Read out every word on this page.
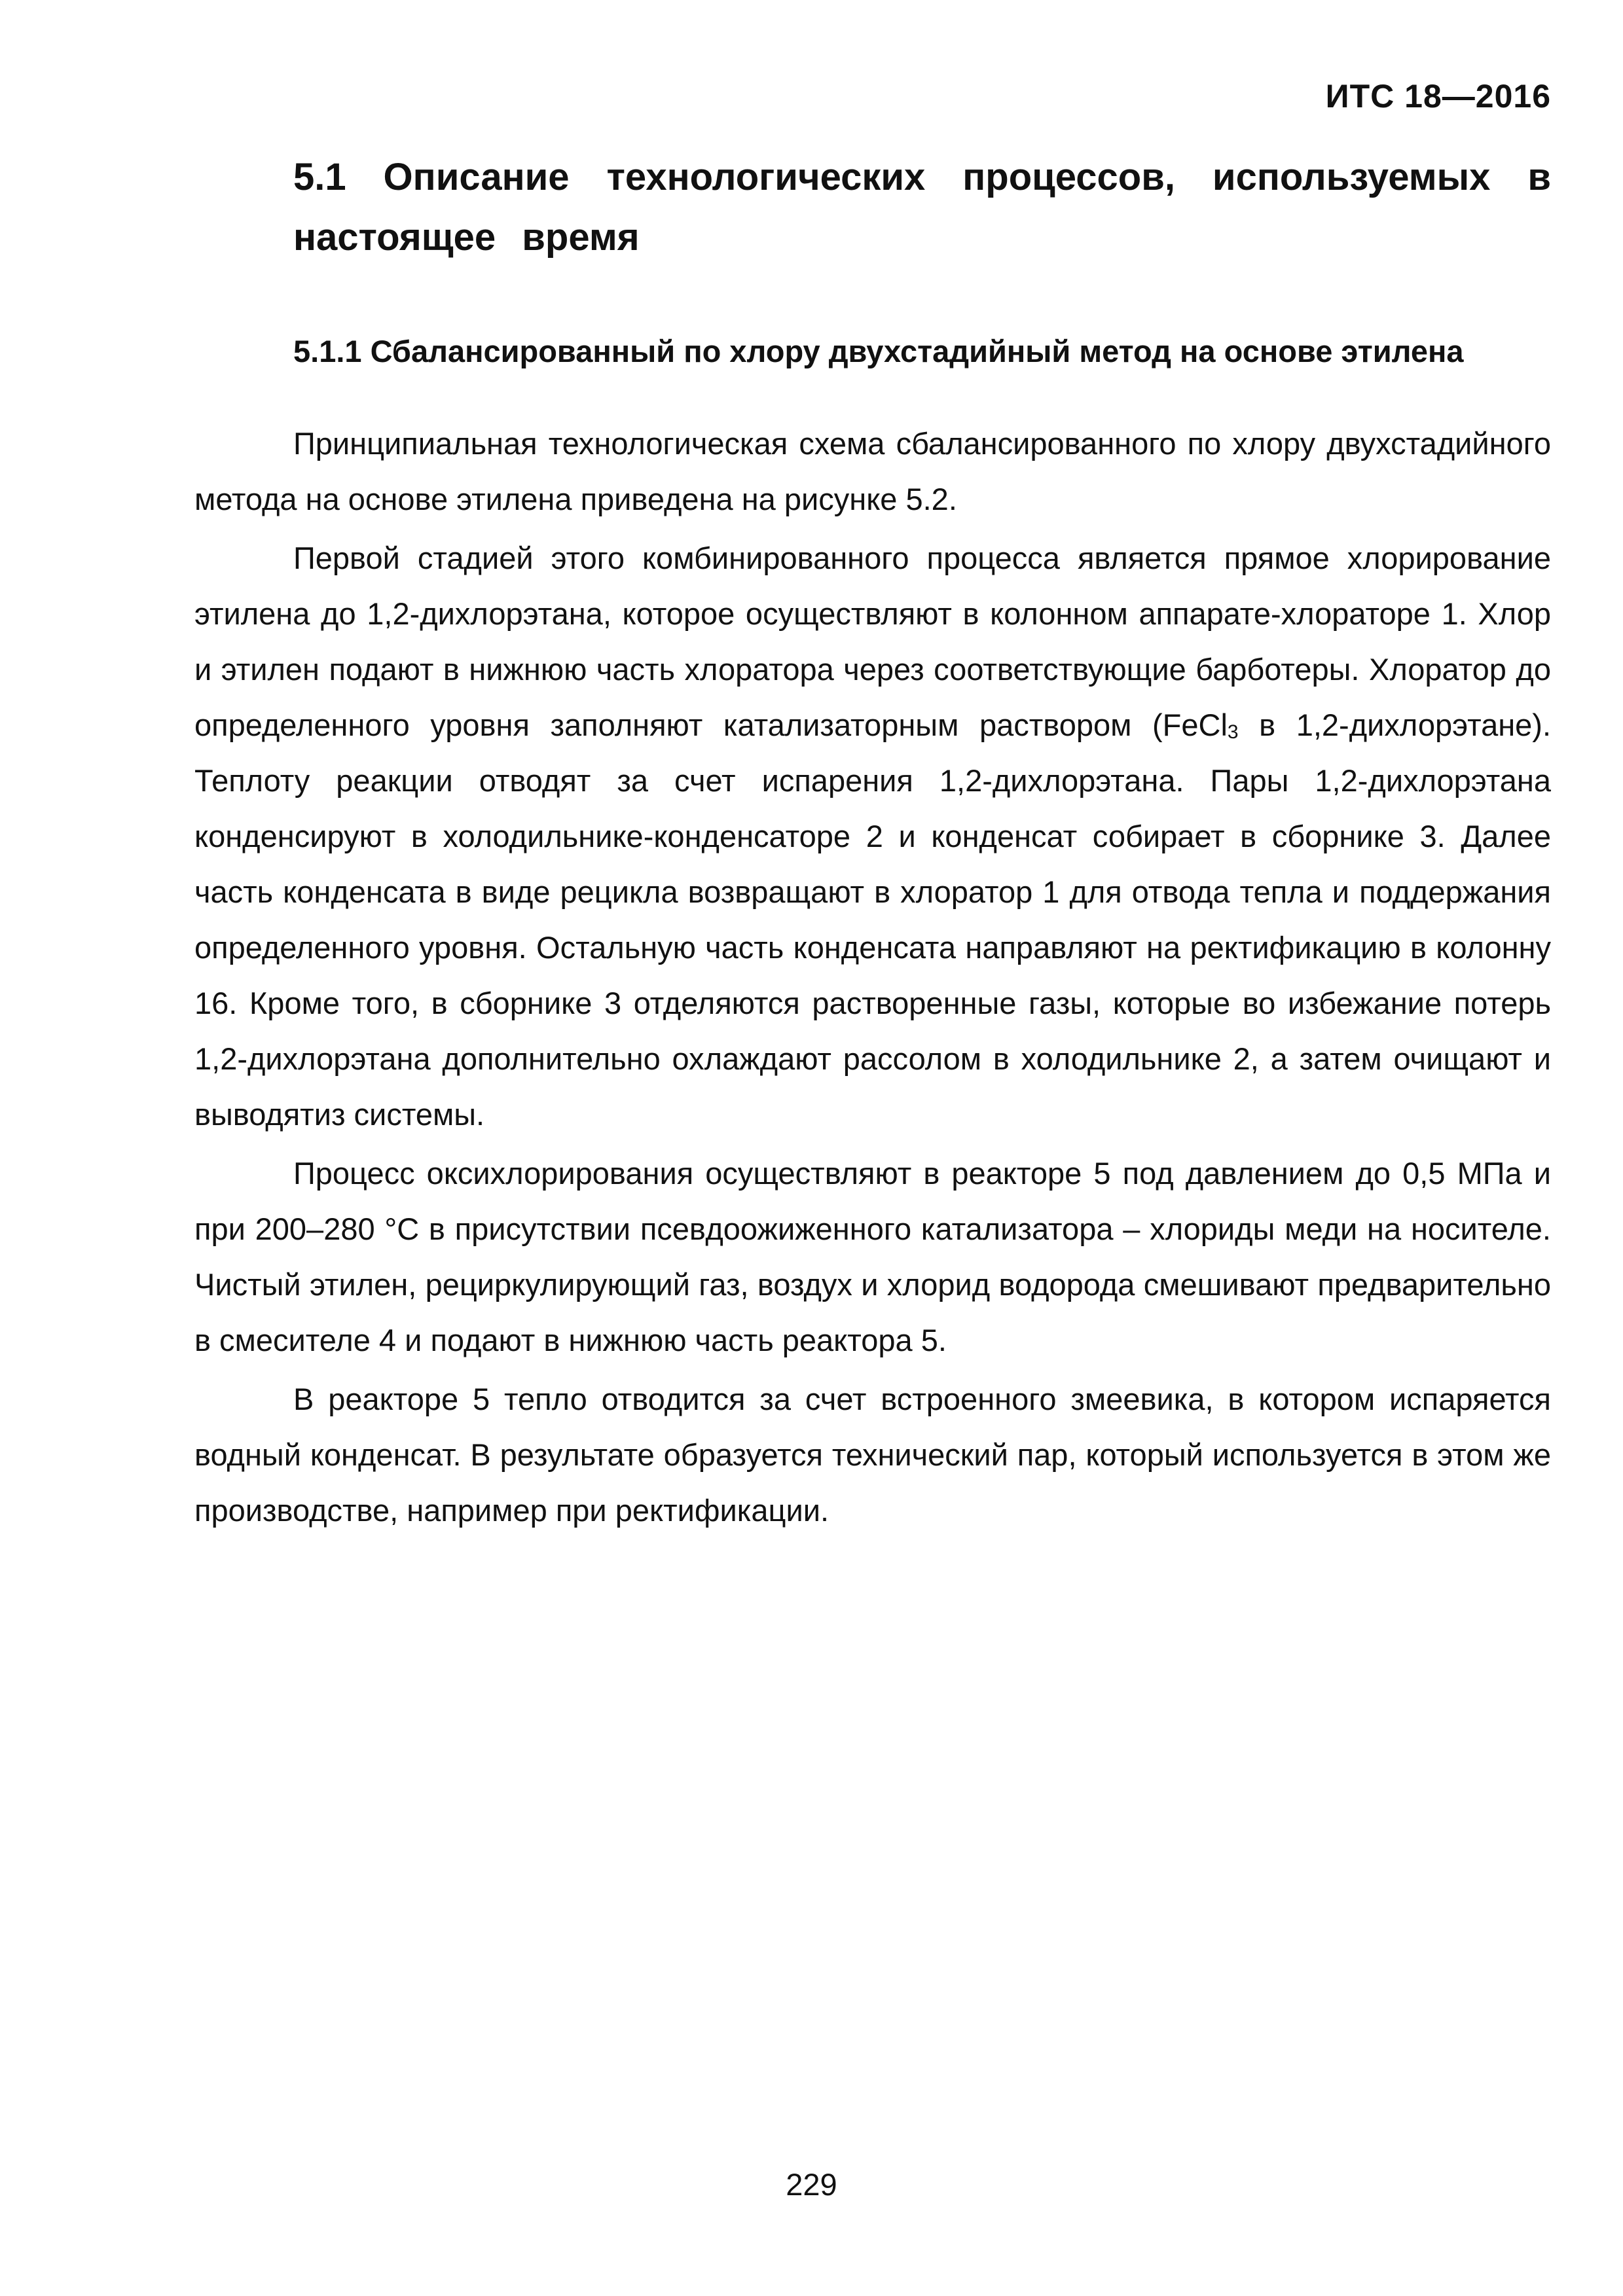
ИТС 18—2016
5.1 Описание технологических процессов, используемых в настоящее время
5.1.1 Сбалансированный по хлору двухстадийный метод на основе этилена

Принципиальная технологическая схема сбалансированного по хлору двухстадийного метода на основе этилена приведена на рисунке 5.2.

Первой стадией этого комбинированного процесса является прямое хлорирование этилена до 1,2-дихлорэтана, которое осуществляют в колонном аппарате-хлораторе 1. Хлор и этилен подают в нижнюю часть хлоратора через соответствующие барботеры. Хлоратор до определенного уровня заполняют катализаторным раствором (FeCl$_3$ в 1,2-дихлорэтане). Теплоту реакции отводят за счет испарения 1,2-дихлорэтана. Пары 1,2-дихлорэтана конденсируют в холодильнике-конденсаторе 2 и конденсат собирает в сборнике 3. Далее часть конденсата в виде рецикла возвращают в хлоратор 1 для отвода тепла и поддержания определенного уровня. Остальную часть конденсата направляют на ректификацию в колонну 16. Кроме того, в сборнике 3 отделяются растворенные газы, которые во избежание потерь 1,2-дихлорэтана дополнительно охлаждают рассолом в холодильнике 2, а затем очищают и выводятиз системы.

Процесс оксихлорирования осуществляют в реакторе 5 под давлением до 0,5 МПа и при 200–280 °С в присутствии псевдоожиженного катализатора – хлориды меди на носителе. Чистый этилен, рециркулирующий газ, воздух и хлорид водорода смешивают предварительно в смесителе 4 и подают в нижнюю часть реактора 5.

В реакторе 5 тепло отводится за счет встроенного змеевика, в котором испаряется водный конденсат. В результате образуется технический пар, который используется в этом же производстве, например при ректификации.

229
